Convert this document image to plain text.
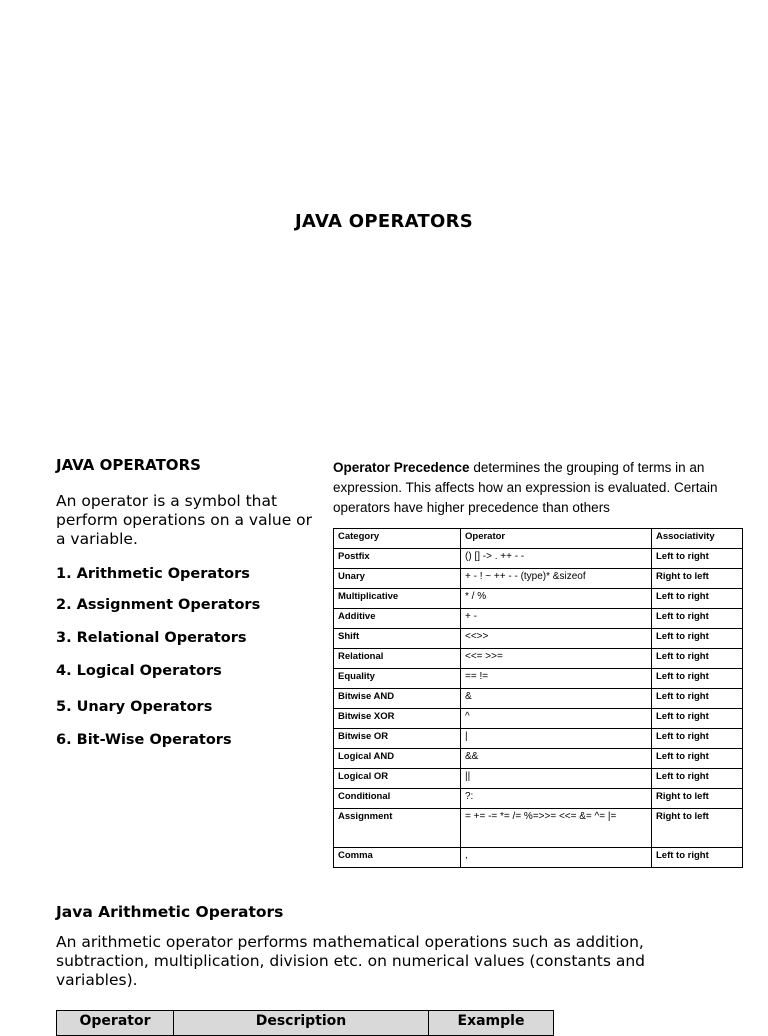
JAVA OPERATORS

JAVA OPERATORS

An operator is a symbol that perform operations on a value or a variable.

1. Arithmetic Operators
2. Assignment Operators
3. Relational Operators
4. Logical Operators
5. Unary Operators
6. Bit-Wise Operators
Operator Precedence determines the grouping of terms in an expression. This affects how an expression is evaluated. Certain operators have higher precedence than others
Category	Operator	Associativity
Postfix	() [] -> . ++ - -	Left to right
Unary	+ - ! ~ ++ - - (type)* &sizeof	Right to left
Multiplicative	* / %	Left to right
Additive	+ -	Left to right
Shift	<<>>	Left to right
Relational	<<= >>=	Left to right
Equality	== !=	Left to right
Bitwise AND	&	Left to right
Bitwise XOR	^	Left to right
Bitwise OR	|	Left to right
Logical AND	&&	Left to right
Logical OR	||	Left to right
Conditional	?:	Right to left
Assignment	= += -= *= /= %=>>= <<= &= ^= |=	Right to left
Comma	,	Left to right
Java Arithmetic Operators
An arithmetic operator performs mathematical operations such as addition, subtraction, multiplication, division etc. on numerical values (constants and variables).
Operator	Description	Example
